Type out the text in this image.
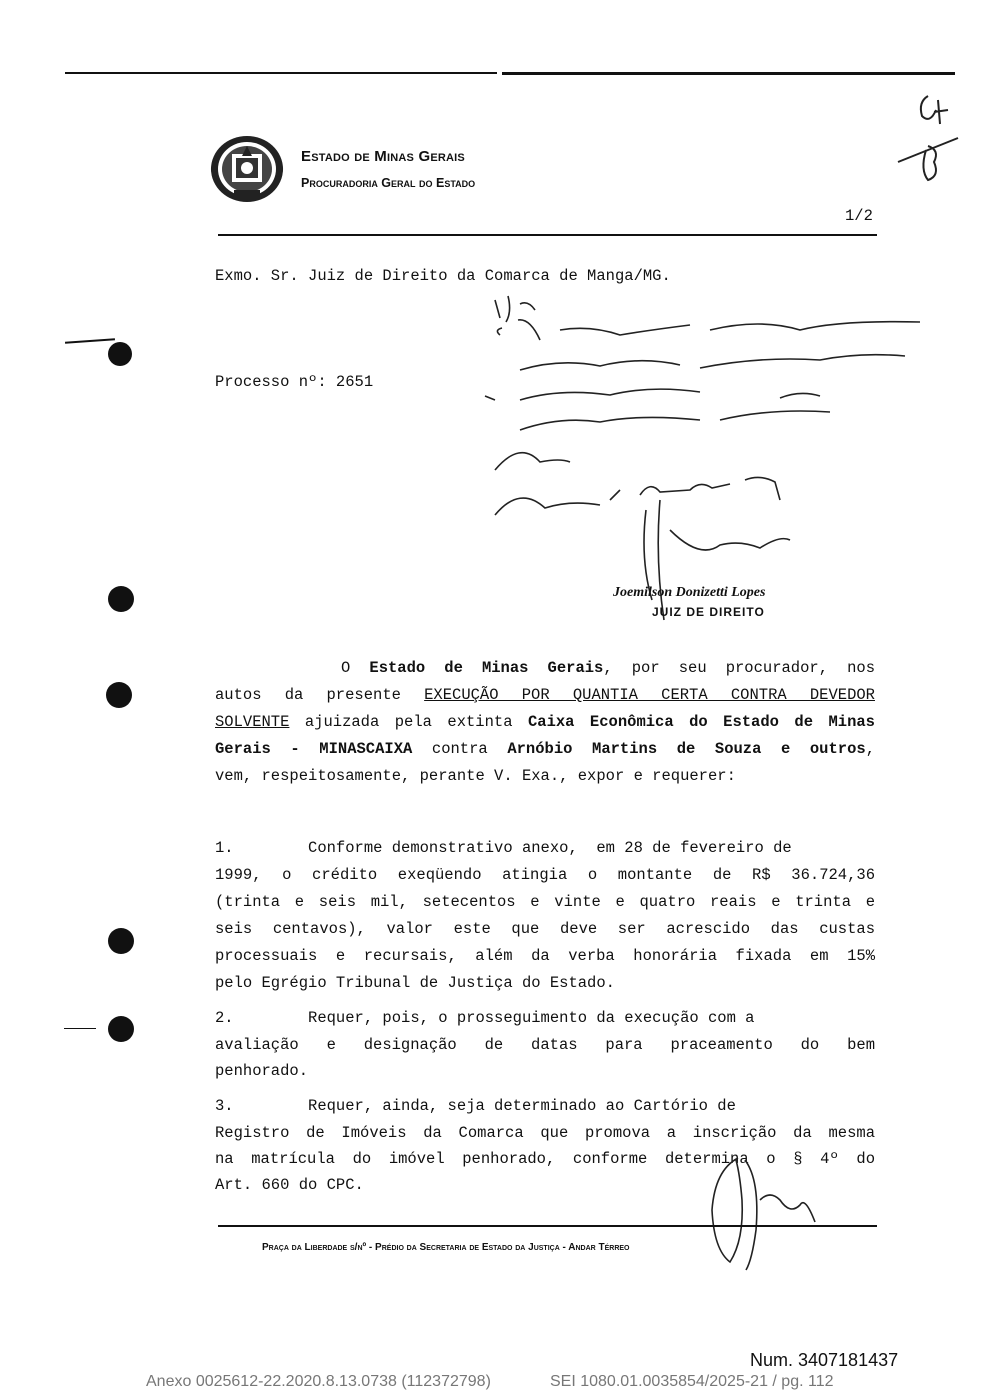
Estado de Minas Gerais
Procuradoria Geral do Estado
1/2
Exmo. Sr. Juiz de Direito da Comarca de Manga/MG.
Processo nº: 2651
Joemilson Donizetti Lopes
JUIZ DE DIREITO
O Estado de Minas Gerais, por seu procurador, nos
autos da presente EXECUÇÃO POR QUANTIA CERTA CONTRA DEVEDOR
SOLVENTE ajuizada pela extinta Caixa Econômica do Estado de Minas
Gerais - MINASCAIXA contra Arnóbio Martins de Souza e outros,
vem, respeitosamente, perante V. Exa., expor e requerer:
1.        Conforme demonstrativo anexo,  em 28 de fevereiro de
1999, o crédito exeqüendo atingia o montante de R$ 36.724,36
(trinta e seis mil, setecentos e vinte e quatro reais e trinta e
seis centavos), valor este que deve ser acrescido das custas
processuais e recursais, além da verba honorária fixada em 15%
pelo Egrégio Tribunal de Justiça do Estado.
2.        Requer, pois, o prosseguimento da execução com a
avaliação e designação de datas para praceamento do bem
penhorado.
3.        Requer, ainda, seja determinado ao Cartório de
Registro de Imóveis da Comarca que promova a inscrição da mesma
na matrícula do imóvel penhorado, conforme determina o § 4º do
Art. 660 do CPC.
Praça da Liberdade s/nº - Prédio da Secretaria de Estado da Justiça - Andar Térreo
Num. 3407181437
Anexo 0025612-22.2020.8.13.0738 (112372798)	SEI 1080.01.0035854/2025-21 / pg. 112
